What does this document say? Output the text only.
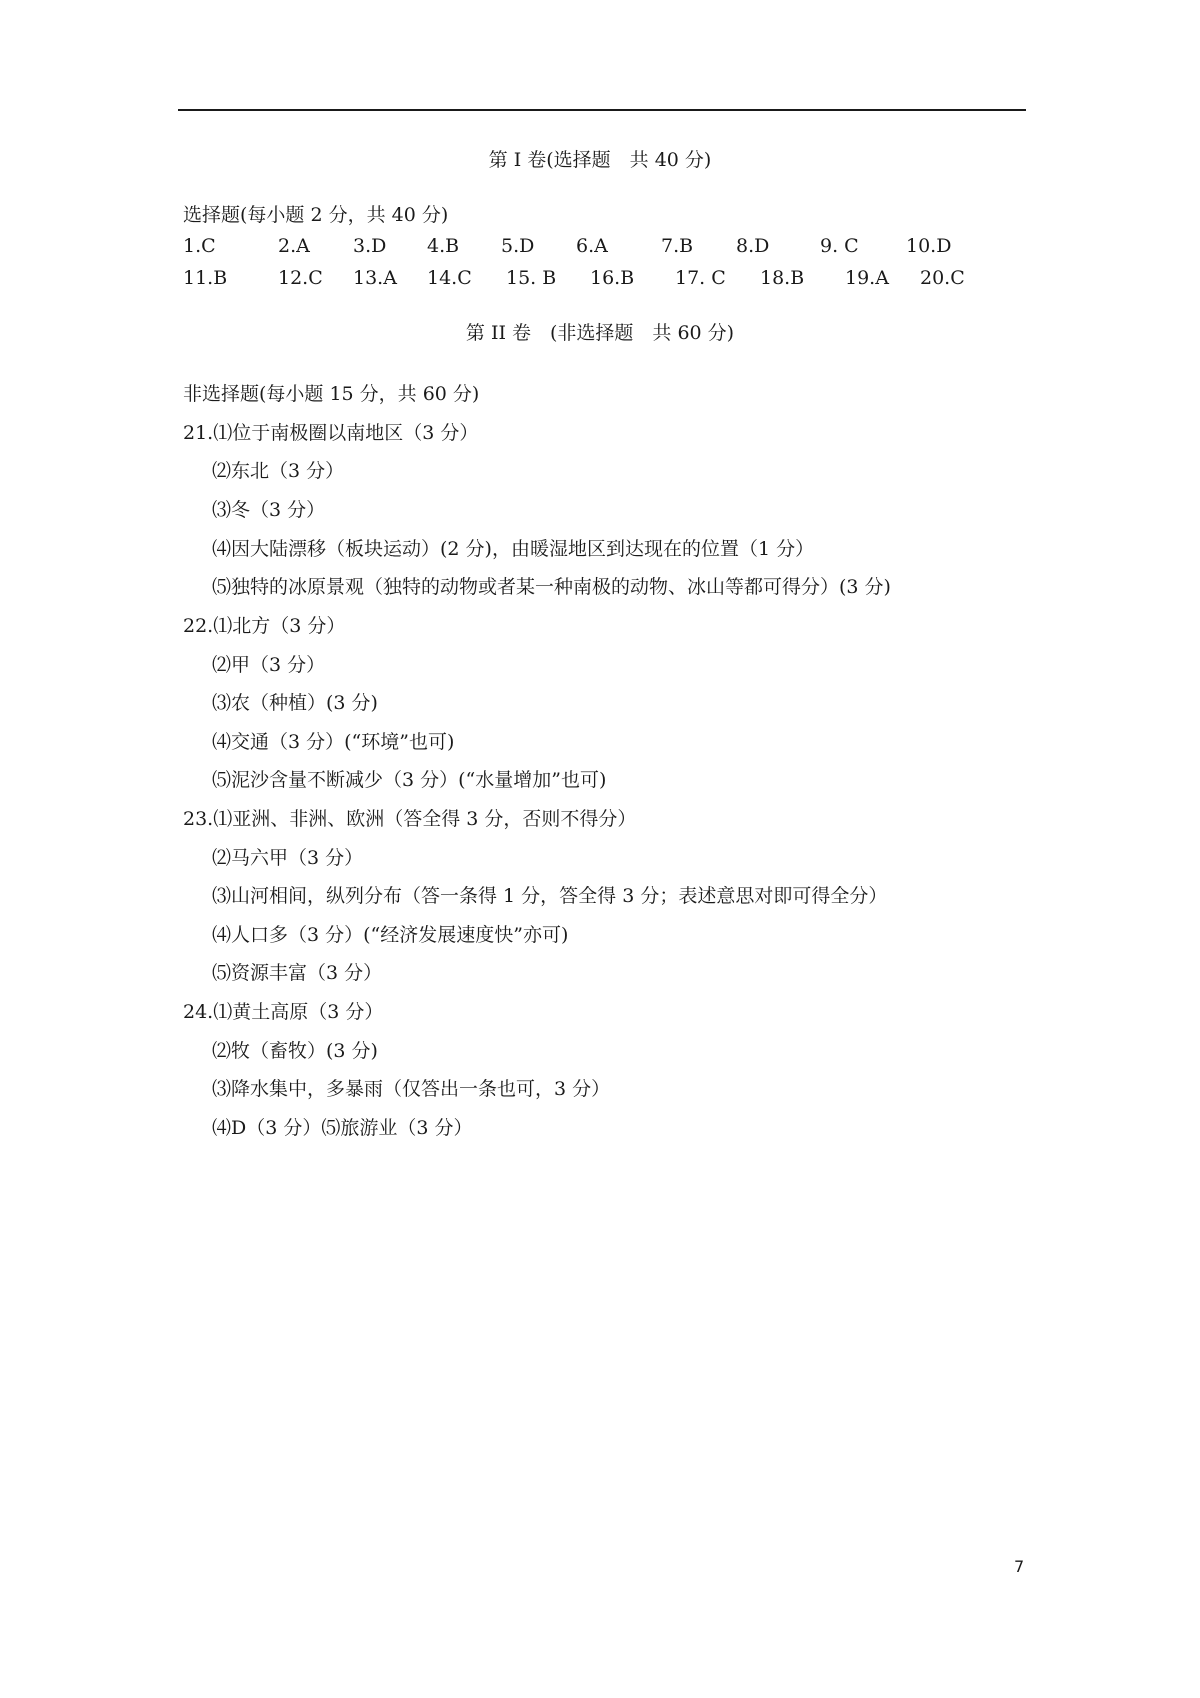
第 I 卷(选择题　共 40 分)
选择题(每小题 2 分，共 40 分)
1.C	2.A 3.D 4.B 5.D 6.A	7.B 8.D	9. C 10.D
11.B	12.C 13.A 14.C 15. B 16.B 17. C 18.B 19.A 20.C
第 II 卷　(非选择题　共 60 分)
非选择题(每小题 15 分，共 60 分)
21.⑴位于南极圈以南地区（3 分）
⑵东北（3 分）
⑶冬（3 分）
⑷因大陆漂移（板块运动）(2 分)，由暖湿地区到达现在的位置（1 分）
⑸独特的冰原景观（独特的动物或者某一种南极的动物、冰山等都可得分）(3 分)
22.⑴北方（3 分）
⑵甲（3 分）
⑶农（种植）(3 分)
⑷交通（3 分）(“环境”也可)
⑸泥沙含量不断减少（3 分）(“水量增加”也可)
23.⑴亚洲、非洲、欧洲（答全得 3 分，否则不得分）
⑵马六甲（3 分）
⑶山河相间，纵列分布（答一条得 1 分，答全得 3 分；表述意思对即可得全分）
⑷人口多（3 分）(“经济发展速度快”亦可)
⑸资源丰富（3 分）
24.⑴黄土高原（3 分）
⑵牧（畜牧）(3 分)
⑶降水集中，多暴雨（仅答出一条也可，3 分）
⑷D（3 分）⑸旅游业（3 分）
7
